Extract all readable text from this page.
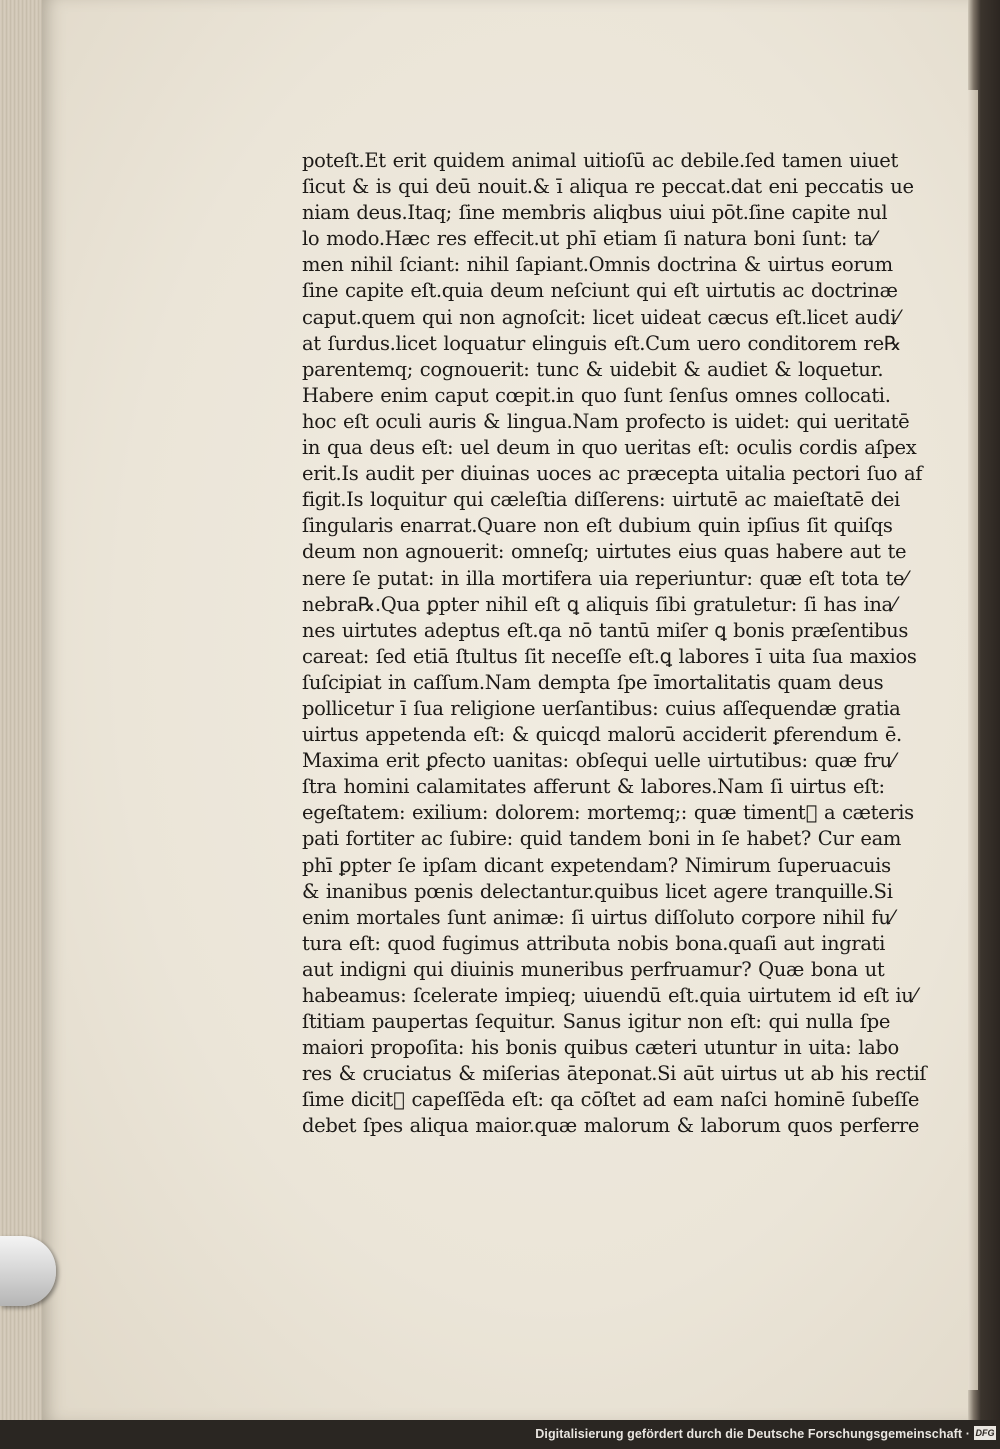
poteſt.Et erit quidem animal uitioſū ac debile.ſed tamen uiuet
ſicut & is qui deū nouit.& ī aliqua re peccat.dat eni peccatis ue
niam deus.Itaq; ſine membris aliqbus uiui pōt.ſine capite nul
lo modo.Hæc res effecit.ut phī etiam ſi natura boni ſunt: ta⁄
men nihil ſciant: nihil ſapiant.Omnis doctrina & uirtus eorum
ſine capite eſt.quia deum neſciunt qui eſt uirtutis ac doctrinæ
caput.quem qui non agnoſcit: licet uideat cæcus eſt.licet audi⁄
at ſurdus.licet loquatur elinguis eſt.Cum uero conditorem re℞
parentemq; cognouerit: tunc & uidebit & audiet & loquetur.
Habere enim caput cœpit.in quo ſunt ſenſus omnes collocati.
hoc eſt oculi auris & lingua.Nam profecto is uidet: qui ueritatē
in qua deus eſt: uel deum in quo ueritas eſt: oculis cordis aſpex
erit.Is audit per diuinas uoces ac præcepta uitalia pectori ſuo af
figit.Is loquitur qui cæleſtia diſſerens: uirtutē ac maieſtatē dei
ſingularis enarrat.Quare non eſt dubium quin ipſius ſit quiſqs
deum non agnouerit: omneſq; uirtutes eius quas habere aut te
nere ſe putat: in illa mortifera uia reperiuntur: quæ eſt tota te⁄
nebra℞.Qua ꝑpter nihil eſt ꝗ aliquis ſibi gratuletur: ſi has ina⁄
nes uirtutes adeptus eſt.qa nō tantū miſer ꝗ bonis præſentibus
careat: ſed etiā ſtultus ſit neceſſe eſt.ꝗ labores ī uita ſua maxios
ſuſcipiat in caſſum.Nam dempta ſpe īmortalitatis quam deus
pollicetur ī ſua religione uerſantibus: cuius aſſequendæ gratia
uirtus appetenda eſt: & quicqd malorū acciderit ꝑferendum ē.
Maxima erit ꝑfecto uanitas: obſequi uelle uirtutibus: quæ fru⁄
ſtra homini calamitates afferunt & labores.Nam ſi uirtus eſt:
egeſtatem: exilium: dolorem: mortemq;: quæ timent᷑ a cæteris
pati fortiter ac ſubire: quid tandem boni in ſe habet? Cur eam
phī ꝑpter ſe ipſam dicant expetendam? Nimirum ſuperuacuis
& inanibus pœnis delectantur.quibus licet agere tranquille.Si
enim mortales ſunt animæ: ſi uirtus diſſoluto corpore nihil fu⁄
tura eſt: quod fugimus attributa nobis bona.quaſi aut ingrati
aut indigni qui diuinis muneribus perfruamur? Quæ bona ut
habeamus: ſcelerate impieq; uiuendū eſt.quia uirtutem id eſt iu⁄
ſtitiam paupertas ſequitur. Sanus igitur non eſt: qui nulla ſpe
maiori propoſita: his bonis quibus cæteri utuntur in uita: labo
res & cruciatus & miſerias āteponat.Si aūt uirtus ut ab his rectiſ
ſime dicit᷑ capeſſēda eſt: qa cōſtet ad eam naſci hominē ſubeſſe
debet ſpes aliqua maior.quæ malorum & laborum quos perferre
Digitalisierung gefördert durch die Deutsche Forschungsgemeinschaft · DFG
